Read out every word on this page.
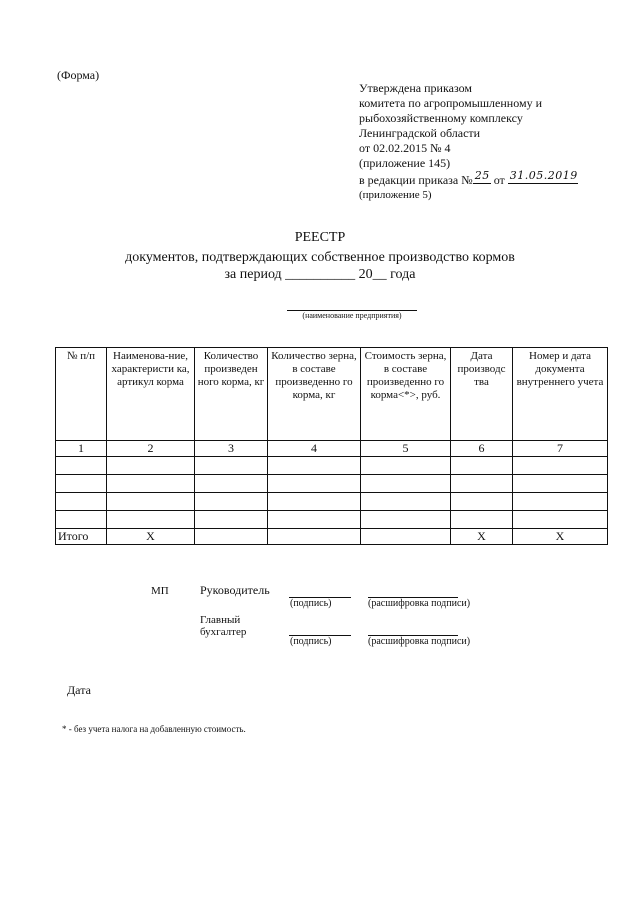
(Форма)
Утверждена приказом
комитета по агропромышленному и
рыбохозяйственному комплексу
Ленинградской области
от 02.02.2015 № 4
(приложение 145)
в редакции приказа № 25 от 31.05.2019
(приложение 5)
РЕЕСТР
документов, подтверждающих собственное производство кормов
за период __________ 20__ года
(наименование предприятия)
№ п/п	Наименова-ние, характеристи ка, артикул корма	Количество произведен ного корма, кг	Количество зерна, в составе произведенно го корма, кг	Стоимость зерна, в составе произведенно го корма<*>, руб.	Дата производс тва	Номер и дата документа внутреннего учета
1	2	3	4	5	6	7

Итого	Х				Х	Х
МП	Руководитель
(подпись)	(расшифровка подписи)
Главный бухгалтер
(подпись)	(расшифровка подписи)
Дата
* - без учета налога на добавленную стоимость.
